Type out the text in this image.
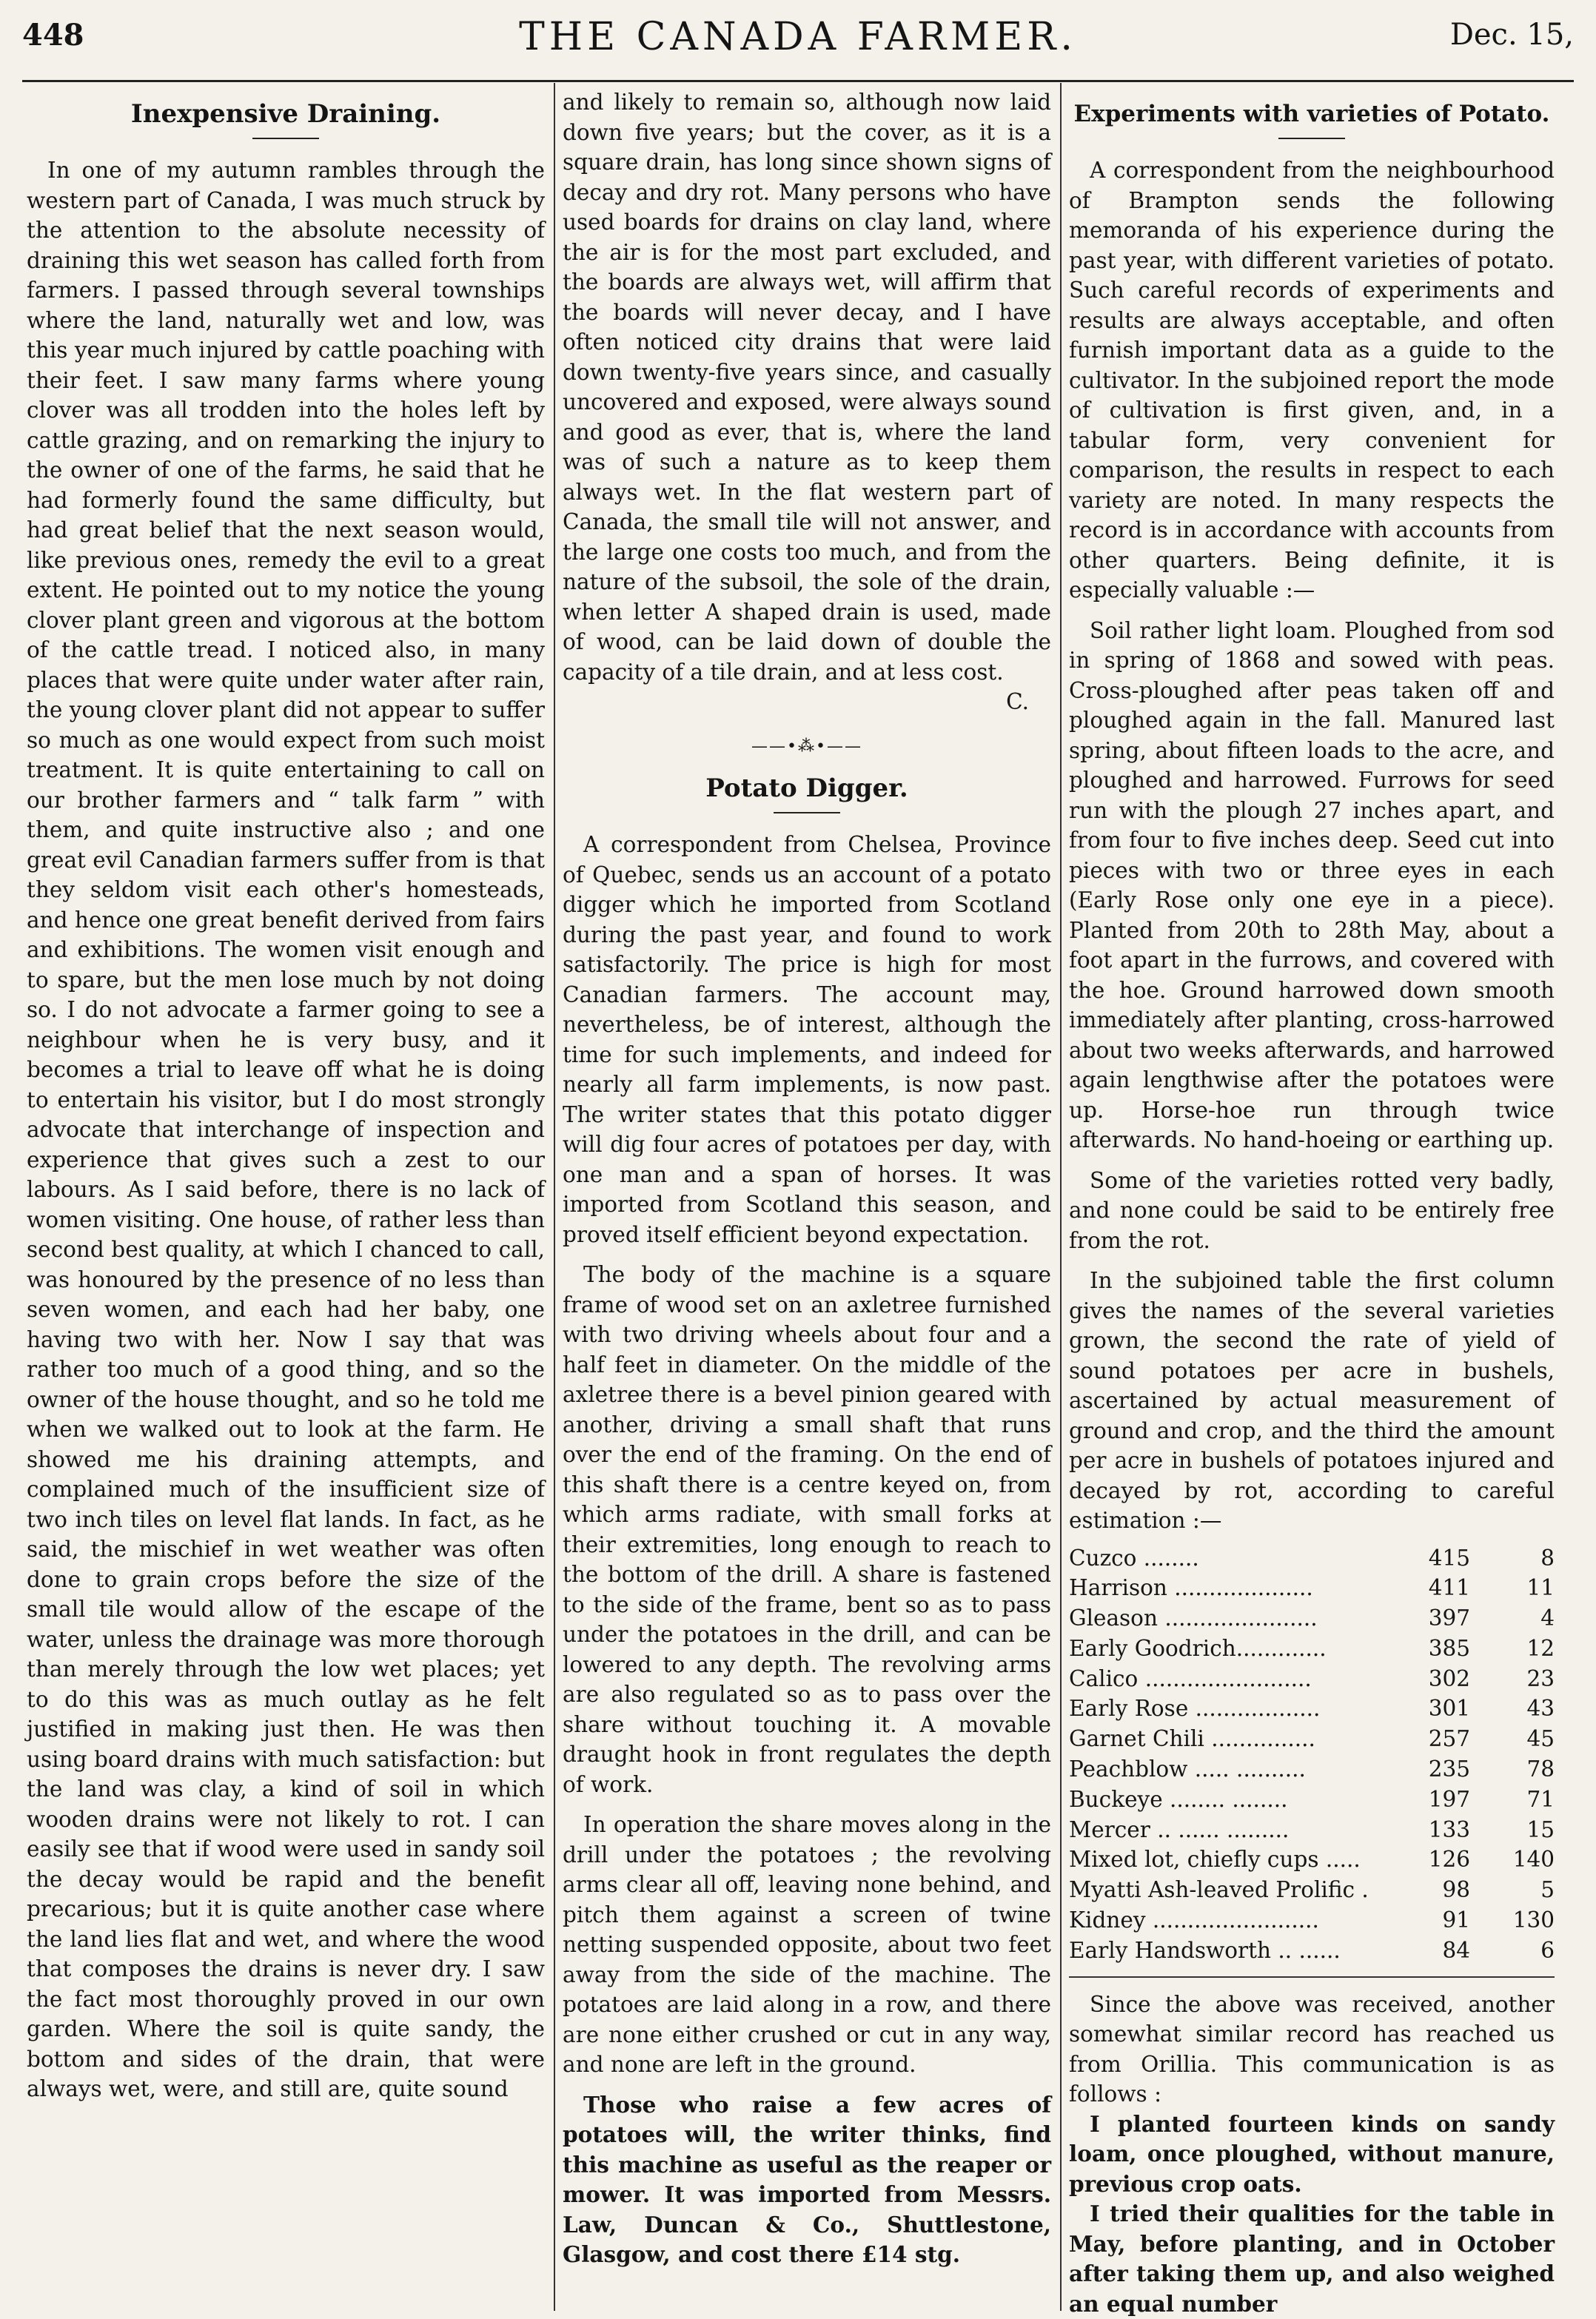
448	THE CANADA FARMER.	Dec. 15,
Inexpensive Draining.

In one of my autumn rambles through the western part of Canada, I was much struck by the attention to the absolute necessity of draining this wet season has called forth from farmers. I passed through several townships where the land, naturally wet and low, was this year much injured by cattle poaching with their feet. I saw many farms where young clover was all trodden into the holes left by cattle grazing, and on remarking the injury to the owner of one of the farms, he said that he had formerly found the same difficulty, but had great belief that the next season would, like previous ones, remedy the evil to a great extent. He pointed out to my notice the young clover plant green and vigorous at the bottom of the cattle tread. I noticed also, in many places that were quite under water after rain, the young clover plant did not appear to suffer so much as one would expect from such moist treatment. It is quite entertaining to call on our brother farmers and “ talk farm ” with them, and quite instructive also ; and one great evil Canadian farmers suffer from is that they seldom visit each other's homesteads, and hence one great benefit derived from fairs and exhibitions. The women visit enough and to spare, but the men lose much by not doing so. I do not advocate a farmer going to see a neighbour when he is very busy, and it becomes a trial to leave off what he is doing to entertain his visitor, but I do most strongly advocate that interchange of inspection and experience that gives such a zest to our labours. As I said before, there is no lack of women visiting. One house, of rather less than second best quality, at which I chanced to call, was honoured by the presence of no less than seven women, and each had her baby, one having two with her. Now I say that was rather too much of a good thing, and so the owner of the house thought, and so he told me when we walked out to look at the farm. He showed me his draining attempts, and complained much of the insufficient size of two inch tiles on level flat lands. In fact, as he said, the mischief in wet weather was often done to grain crops before the size of the small tile would allow of the escape of the water, unless the drainage was more thorough than merely through the low wet places; yet to do this was as much outlay as he felt justified in making just then. He was then using board drains with much satisfaction: but the land was clay, a kind of soil in which wooden drains were not likely to rot. I can easily see that if wood were used in sandy soil the decay would be rapid and the benefit precarious; but it is quite another case where the land lies flat and wet, and where the wood that composes the drains is never dry. I saw the fact most thoroughly proved in our own garden. Where the soil is quite sandy, the bottom and sides of the drain, that were always wet, were, and still are, quite sound

and likely to remain so, although now laid down five years; but the cover, as it is a square drain, has long since shown signs of decay and dry rot. Many persons who have used boards for drains on clay land, where the air is for the most part excluded, and the boards are always wet, will affirm that the boards will never decay, and I have often noticed city drains that were laid down twenty-five years since, and casually uncovered and exposed, were always sound and good as ever, that is, where the land was of such a nature as to keep them always wet. In the flat western part of Canada, the small tile will not answer, and the large one costs too much, and from the nature of the subsoil, the sole of the drain, when letter A shaped drain is used, made of wood, can be laid down of double the capacity of a tile drain, and at less cost.

C.
——•⁂•——
Potato Digger.

A correspondent from Chelsea, Province of Quebec, sends us an account of a potato digger which he imported from Scotland during the past year, and found to work satisfactorily. The price is high for most Canadian farmers. The account may, nevertheless, be of interest, although the time for such implements, and indeed for nearly all farm implements, is now past. The writer states that this potato digger will dig four acres of potatoes per day, with one man and a span of horses. It was imported from Scotland this season, and proved itself efficient beyond expectation.

The body of the machine is a square frame of wood set on an axletree furnished with two driving wheels about four and a half feet in diameter. On the middle of the axletree there is a bevel pinion geared with another, driving a small shaft that runs over the end of the framing. On the end of this shaft there is a centre keyed on, from which arms radiate, with small forks at their extremities, long enough to reach to the bottom of the drill. A share is fastened to the side of the frame, bent so as to pass under the potatoes in the drill, and can be lowered to any depth. The revolving arms are also regulated so as to pass over the share without touching it. A movable draught hook in front regulates the depth of work.

In operation the share moves along in the drill under the potatoes ; the revolving arms clear all off, leaving none behind, and pitch them against a screen of twine netting suspended opposite, about two feet away from the side of the machine. The potatoes are laid along in a row, and there are none either crushed or cut in any way, and none are left in the ground.

Those who raise a few acres of potatoes will, the writer thinks, find this machine as useful as the reaper or mower. It was imported from Messrs. Law, Duncan & Co., Shuttlestone, Glasgow, and cost there £14 stg.

Experiments with varieties of Potato.

A correspondent from the neighbourhood of Brampton sends the following memoranda of his experience during the past year, with different varieties of potato. Such careful records of experiments and results are always acceptable, and often furnish important data as a guide to the cultivator. In the subjoined report the mode of cultivation is first given, and, in a tabular form, very convenient for comparison, the results in respect to each variety are noted. In many respects the record is in accordance with accounts from other quarters. Being definite, it is especially valuable :—

Soil rather light loam. Ploughed from sod in spring of 1868 and sowed with peas. Cross-ploughed after peas taken off and ploughed again in the fall. Manured last spring, about fifteen loads to the acre, and ploughed and harrowed. Furrows for seed run with the plough 27 inches apart, and from four to five inches deep. Seed cut into pieces with two or three eyes in each (Early Rose only one eye in a piece). Planted from 20th to 28th May, about a foot apart in the furrows, and covered with the hoe. Ground harrowed down smooth immediately after planting, cross-harrowed about two weeks afterwards, and harrowed again lengthwise after the potatoes were up. Horse-hoe run through twice afterwards. No hand-hoeing or earthing up.

Some of the varieties rotted very badly, and none could be said to be entirely free from the rot.

In the subjoined table the first column gives the names of the several varieties grown, the second the rate of yield of sound potatoes per acre in bushels, ascertained by actual measurement of ground and crop, and the third the amount per acre in bushels of potatoes injured and decayed by rot, according to careful estimation :—

Cuzco ........	415	8
Harrison ....................	411	11
Gleason ......................	397	4
Early Goodrich.............	385	12
Calico ........................	302	23
Early Rose ..................	301	43
Garnet Chili ...............	257	45
Peachblow ..... ..........	235	78
Buckeye ........ ........	197	71
Mercer .. ...... .........	133	15
Mixed lot, chiefly cups .....	126	140
Myatti Ash-leaved Prolific .	98	5
Kidney ........................	91	130
Early Handsworth .. ......	84	6

Since the above was received, another somewhat similar record has reached us from Orillia. This communication is as follows :

I planted fourteen kinds on sandy loam, once ploughed, without manure, previous crop oats.

I tried their qualities for the table in May, before planting, and in October after taking them up, and also weighed an equal number
